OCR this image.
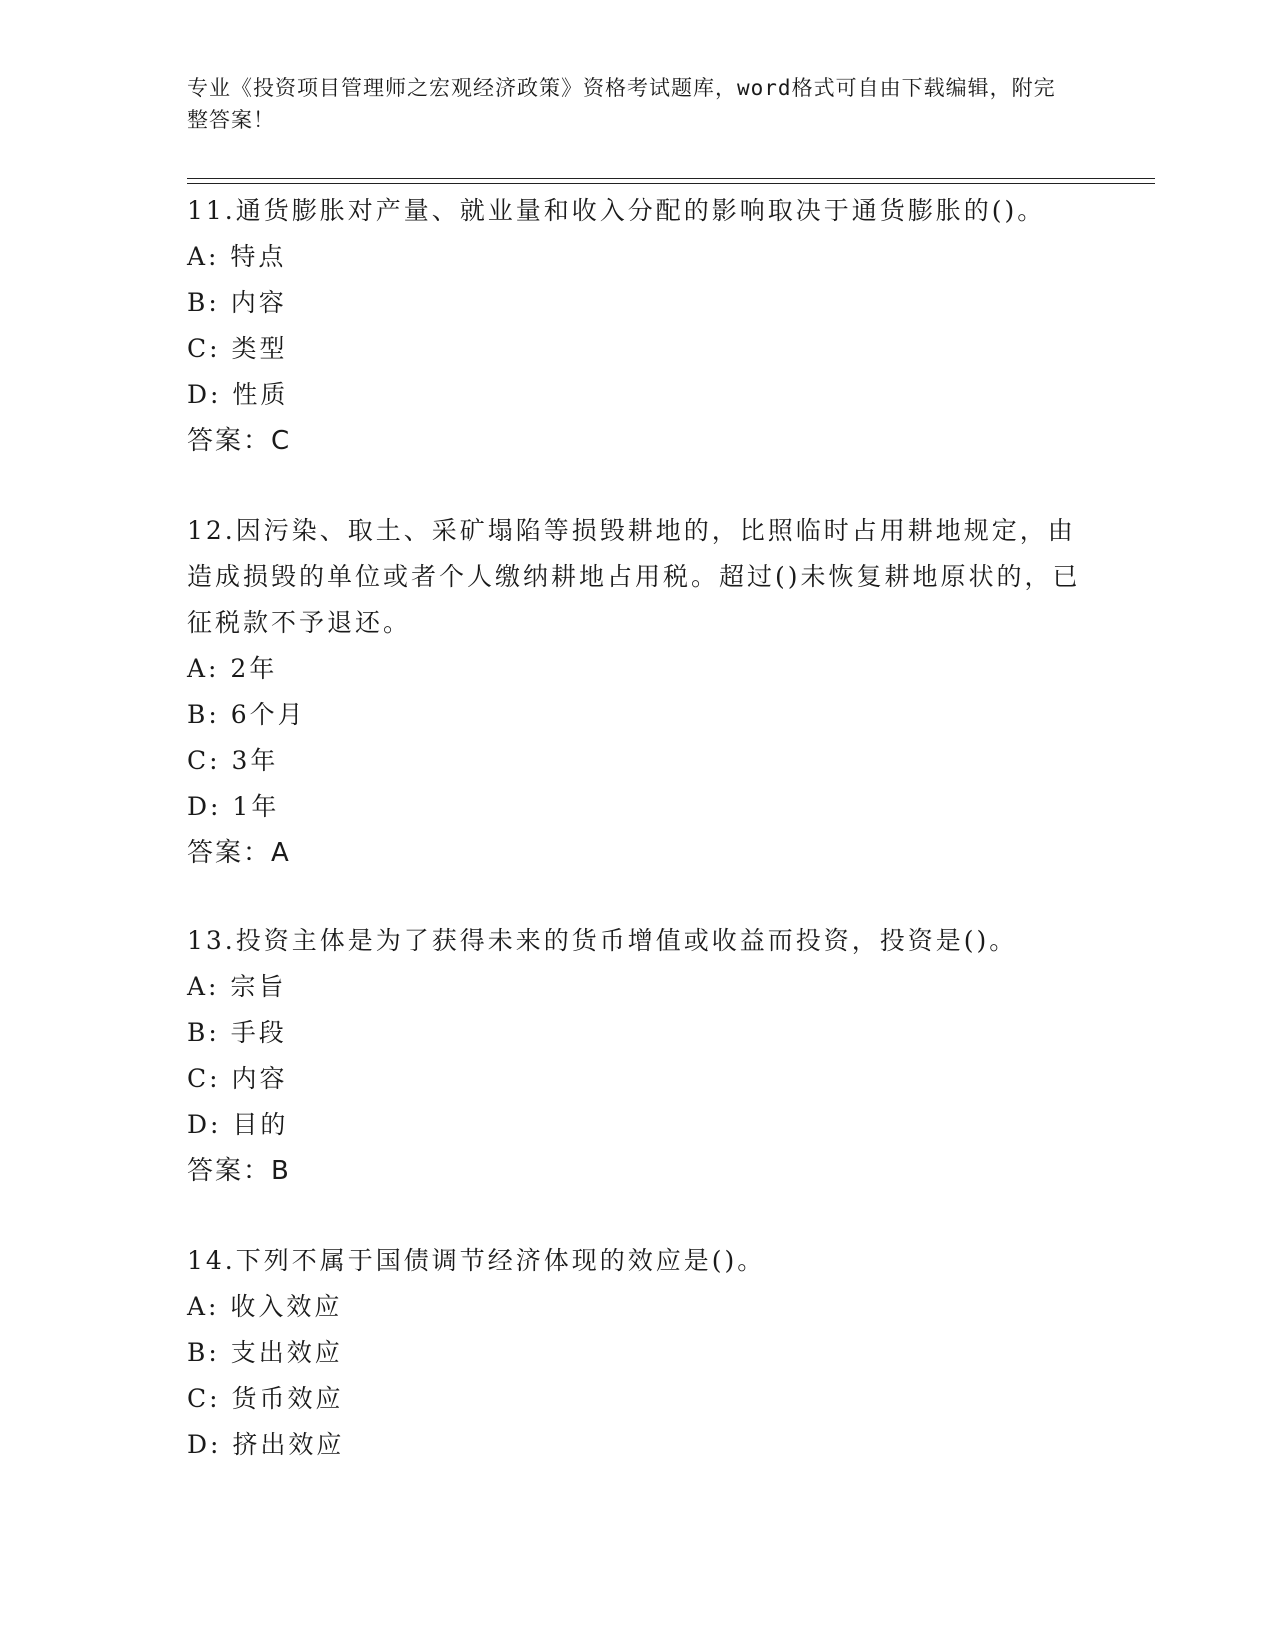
专业《投资项目管理师之宏观经济政策》资格考试题库，word格式可自由下载编辑，附完整答案！

11.通货膨胀对产量、就业量和收入分配的影响取决于通货膨胀的()。

A: 特点

B: 内容

C: 类型

D: 性质

答案：C

12.因污染、取土、采矿塌陷等损毁耕地的，比照临时占用耕地规定，由造成损毁的单位或者个人缴纳耕地占用税。超过()未恢复耕地原状的，已征税款不予退还。

A: 2年

B: 6个月

C: 3年

D: 1年

答案：A

13.投资主体是为了获得未来的货币增值或收益而投资，投资是()。

A: 宗旨

B: 手段

C: 内容

D: 目的

答案：B

14.下列不属于国债调节经济体现的效应是()。

A: 收入效应

B: 支出效应

C: 货币效应

D: 挤出效应
